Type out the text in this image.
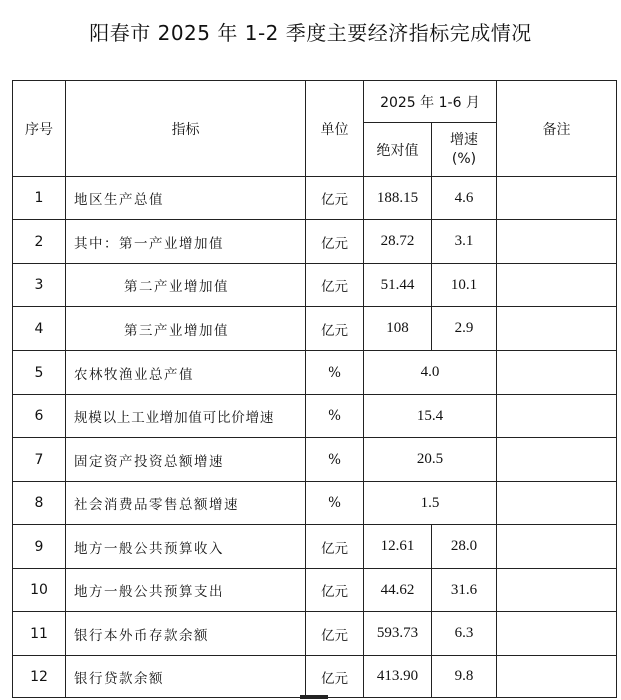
阳春市 2025 年 1-2 季度主要经济指标完成情况
序号	指标	单位	2025 年 1-6 月		备注
			绝对值	增速
(%)	

1	地区生产总值	亿元	188.15	4.6	
2	其中：第一产业增加值	亿元	28.72	3.1	
3	第二产业增加值	亿元	51.44	10.1	
4	第三产业增加值	亿元	108	2.9	
5	农林牧渔业总产值	%	4.0		
6	规模以上工业增加值可比价增速	%	15.4		
7	固定资产投资总额增速	%	20.5		
8	社会消费品零售总额增速	%	1.5		
9	地方一般公共预算收入	亿元	12.61	28.0	
10	地方一般公共预算支出	亿元	44.62	31.6	
11	银行本外币存款余额	亿元	593.73	6.3	
12	银行贷款余额	亿元	413.90	9.8	
